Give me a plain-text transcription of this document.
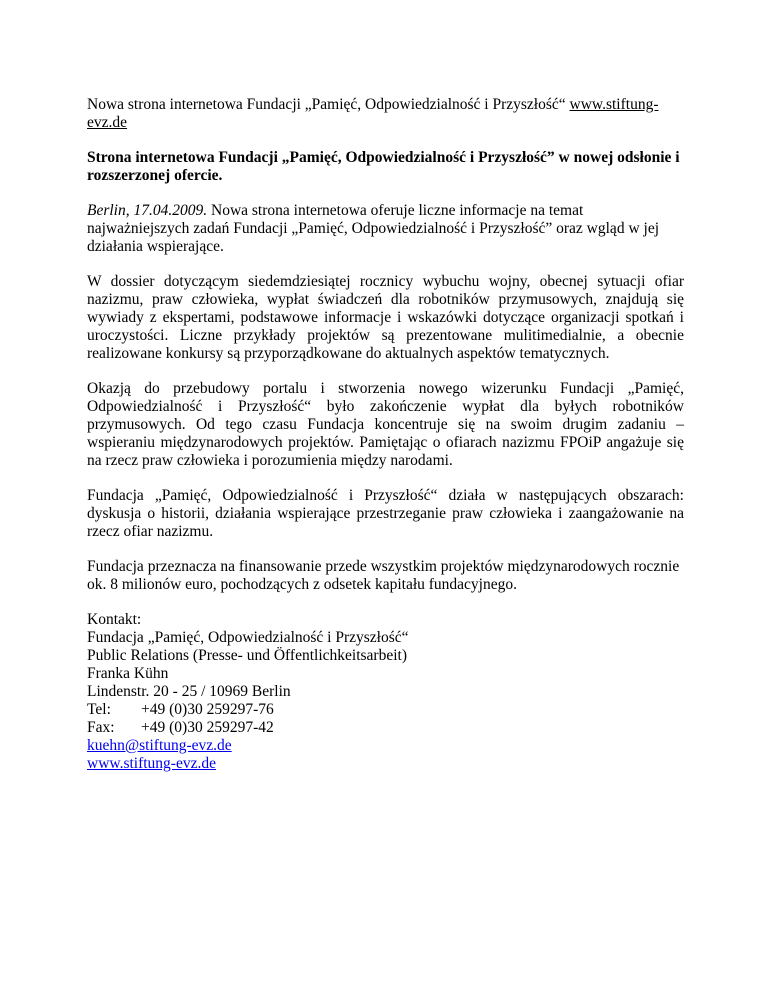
Nowa strona internetowa Fundacji „Pamięć, Odpowiedzialność i Przyszłość“ www.stiftung-evz.de

Strona internetowa Fundacji „Pamięć, Odpowiedzialność i Przyszłość” w nowej odsłonie i rozszerzonej ofercie.

Berlin, 17.04.2009. Nowa strona internetowa oferuje liczne informacje na temat najważniejszych zadań Fundacji „Pamięć, Odpowiedzialność i Przyszłość” oraz wgląd w jej działania wspierające.

W dossier dotyczącym siedemdziesiątej rocznicy wybuchu wojny, obecnej sytuacji ofiar nazizmu, praw człowieka, wypłat świadczeń dla robotników przymusowych, znajdują się wywiady z ekspertami, podstawowe informacje i wskazówki dotyczące organizacji spotkań i uroczystości. Liczne przykłady projektów są prezentowane mulitimedialnie, a obecnie realizowane konkursy są przyporządkowane do aktualnych aspektów tematycznych.

Okazją do przebudowy portalu i stworzenia nowego wizerunku Fundacji „Pamięć, Odpowiedzialność i Przyszłość“ było zakończenie wypłat dla byłych robotników przymusowych. Od tego czasu Fundacja koncentruje się na swoim drugim zadaniu – wspieraniu międzynarodowych projektów. Pamiętając o ofiarach nazizmu FPOiP angażuje się na rzecz praw człowieka i porozumienia między narodami.

Fundacja „Pamięć, Odpowiedzialność i Przyszłość“ działa w następujących obszarach: dyskusja o historii, działania wspierające przestrzeganie praw człowieka i zaangażowanie na rzecz ofiar nazizmu.

Fundacja przeznacza na finansowanie przede wszystkim projektów międzynarodowych rocznie ok. 8 milionów euro, pochodzących z odsetek kapitału fundacyjnego.

Kontakt:
Fundacja „Pamięć, Odpowiedzialność i Przyszłość“
Public Relations (Presse- und Öffentlichkeitsarbeit)
Franka Kühn
Lindenstr. 20 - 25 / 10969 Berlin
Tel: +49 (0)30 259297-76
Fax: +49 (0)30 259297-42
kuehn@stiftung-evz.de
www.stiftung-evz.de
